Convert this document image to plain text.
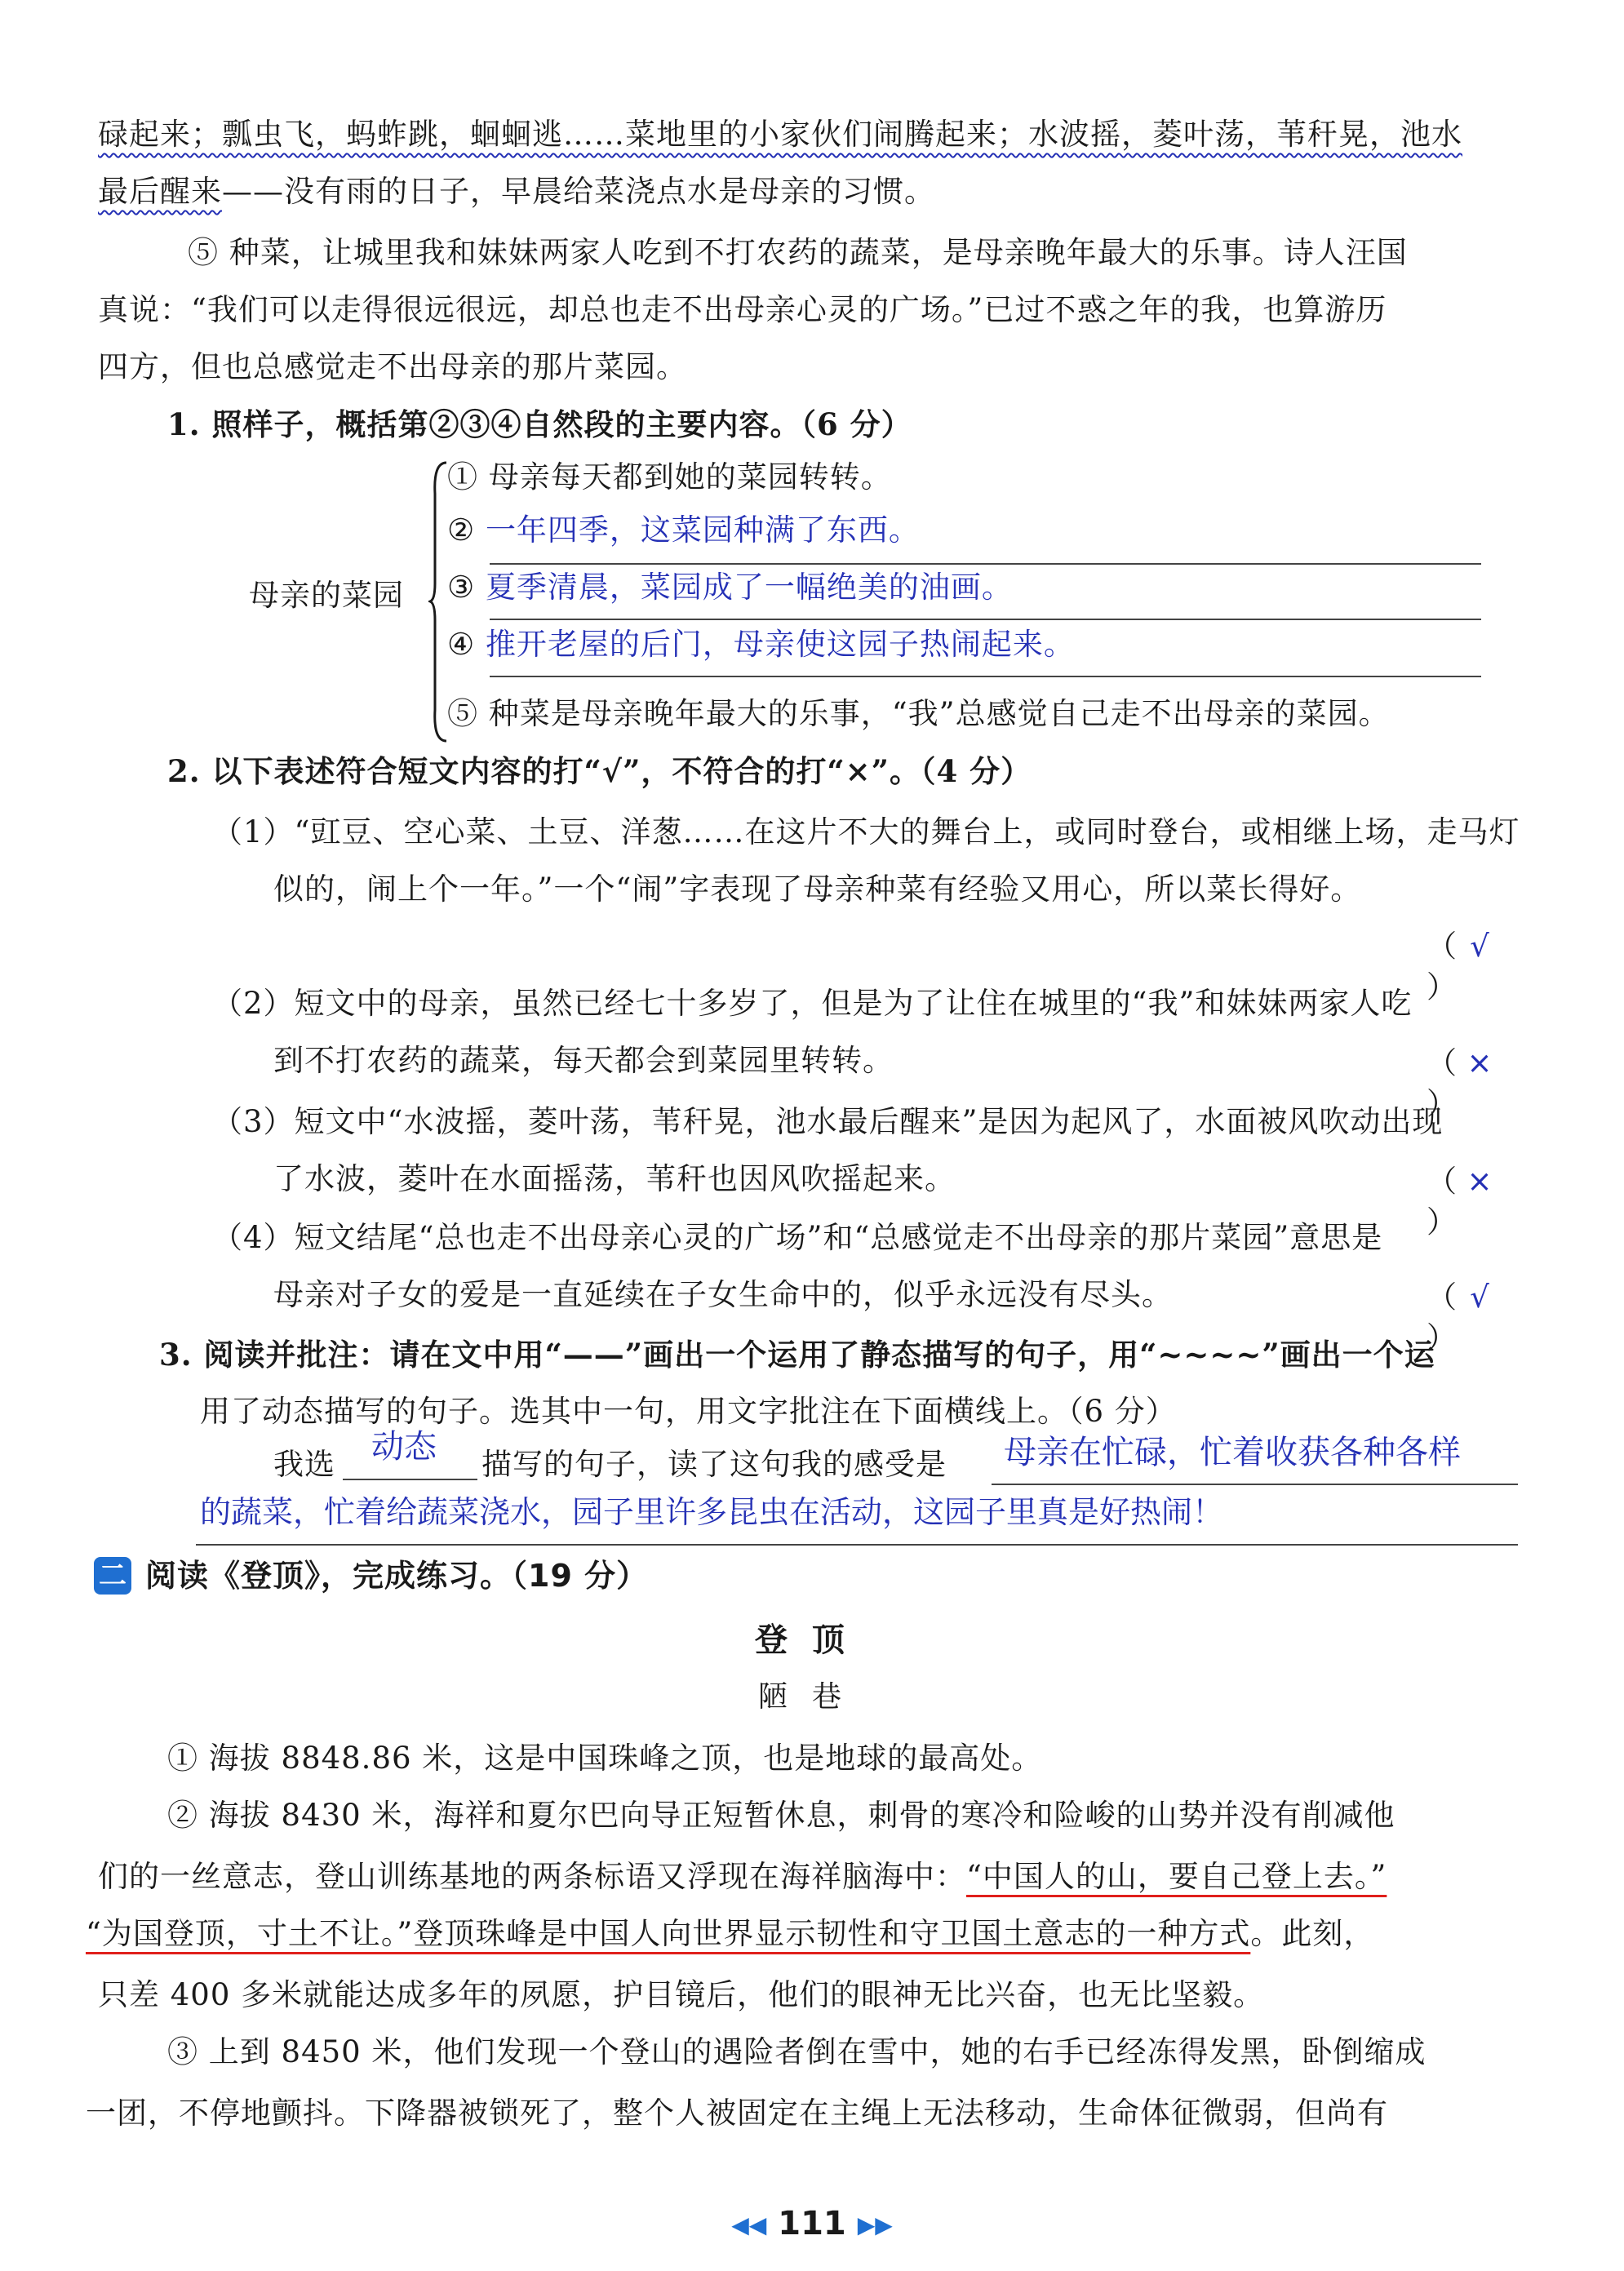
碌起来；瓢虫飞，蚂蚱跳，蛔蛔逃……菜地里的小家伙们闹腾起来；水波摇，菱叶荡，苇秆晃，池水
最后醒来——没有雨的日子，早晨给菜浇点水是母亲的习惯。
⑤ 种菜，让城里我和妹妹两家人吃到不打农药的蔬菜，是母亲晚年最大的乐事。诗人汪国
真说：“我们可以走得很远很远，却总也走不出母亲心灵的广场。”已过不惑之年的我，也算游历
四方，但也总感觉走不出母亲的那片菜园。
1. 照样子，概括第②③④自然段的主要内容。（6 分）
母亲的菜园
① 母亲每天都到她的菜园转转。
② 一年四季，这菜园种满了东西。
③ 夏季清晨，菜园成了一幅绝美的油画。
④ 推开老屋的后门，母亲使这园子热闹起来。
⑤ 种菜是母亲晚年最大的乐事，“我”总感觉自己走不出母亲的菜园。
2. 以下表述符合短文内容的打“√”，不符合的打“×”。（4 分）
（1）“豇豆、空心菜、土豆、洋葱……在这片不大的舞台上，或同时登台，或相继上场，走马灯
似的，闹上个一年。”一个“闹”字表现了母亲种菜有经验又用心，所以菜长得好。
（ √）
（2）短文中的母亲，虽然已经七十多岁了，但是为了让住在城里的“我”和妹妹两家人吃
到不打农药的蔬菜，每天都会到菜园里转转。	（ ×）
（3）短文中“水波摇，菱叶荡，苇秆晃，池水最后醒来”是因为起风了，水面被风吹动出现
了水波，菱叶在水面摇荡，苇秆也因风吹摇起来。	（ ×）
（4）短文结尾“总也走不出母亲心灵的广场”和“总感觉走不出母亲的那片菜园”意思是
母亲对子女的爱是一直延续在子女生命中的，似乎永远没有尽头。	（ √）
3. 阅读并批注：请在文中用“——”画出一个运用了静态描写的句子，用“~~~~”画出一个运
用了动态描写的句子。选其中一句，用文字批注在下面横线上。（6 分）
我选	动态 描写的句子，读了这句我的感受是	母亲在忙碌，忙着收获各种各样
的蔬菜，忙着给蔬菜浇水，园子里许多昆虫在活动，这园子里真是好热闹！
二 阅读《登顶》，完成练习。（19 分）
登顶
陋巷
① 海拔 8848.86 米，这是中国珠峰之顶，也是地球的最高处。
② 海拔 8430 米，海祥和夏尔巴向导正短暂休息，刺骨的寒冷和险峻的山势并没有削减他
们的一丝意志，登山训练基地的两条标语又浮现在海祥脑海中：“中国人的山，要自己登上去。”
“为国登顶，寸土不让。”登顶珠峰是中国人向世界显示韧性和守卫国土意志的一种方式。此刻，
只差 400 多米就能达成多年的夙愿，护目镜后，他们的眼神无比兴奋，也无比坚毅。
③ 上到 8450 米，他们发现一个登山的遇险者倒在雪中，她的右手已经冻得发黑，卧倒缩成
一团，不停地颤抖。下降器被锁死了，整个人被固定在主绳上无法移动，生命体征微弱，但尚有
◀◀ 111 ▶▶
